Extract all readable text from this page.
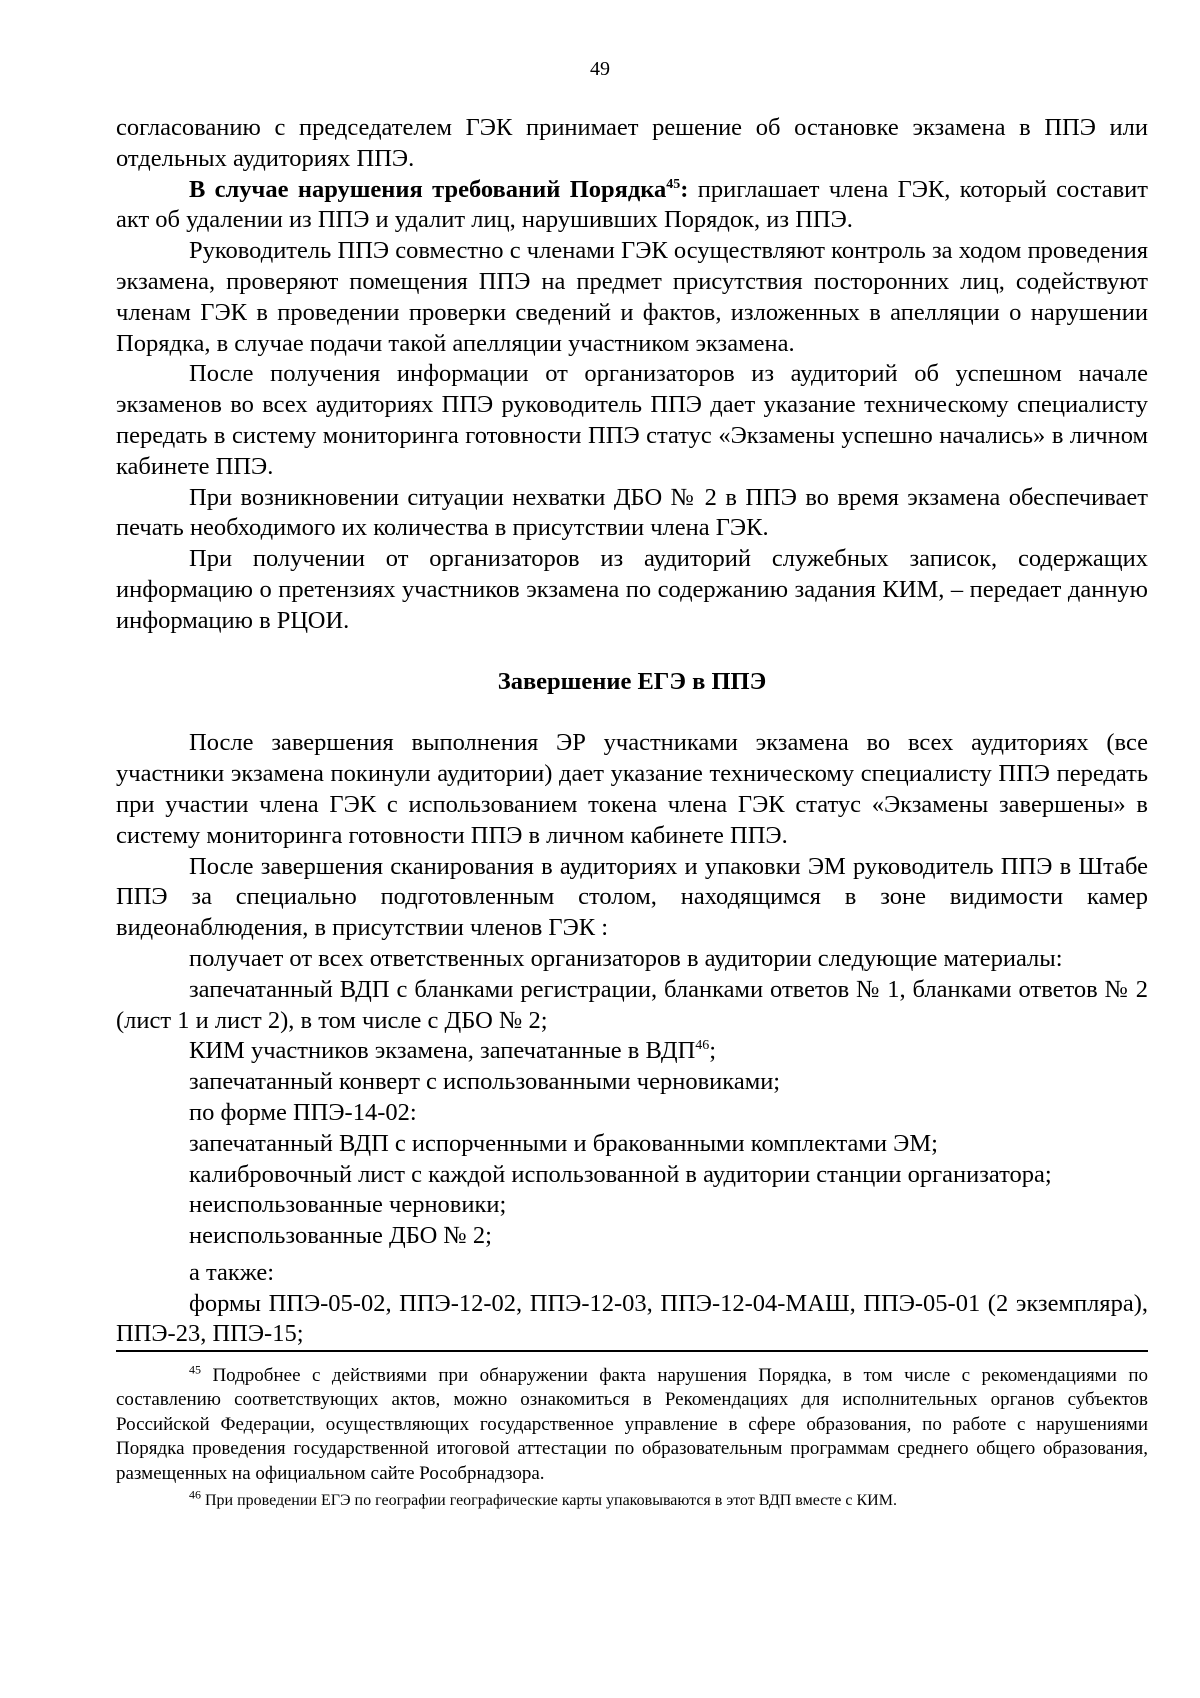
49

согласованию с председателем ГЭК принимает решение об остановке экзамена в ППЭ или отдельных аудиториях ППЭ.

В случае нарушения требований Порядка$^{45}$: приглашает члена ГЭК, который составит акт об удалении из ППЭ и удалит лиц, нарушивших Порядок, из ППЭ.

Руководитель ППЭ совместно с членами ГЭК осуществляют контроль за ходом проведения экзамена, проверяют помещения ППЭ на предмет присутствия посторонних лиц, содействуют членам ГЭК в проведении проверки сведений и фактов, изложенных в апелляции о нарушении Порядка, в случае подачи такой апелляции участником экзамена.

После получения информации от организаторов из аудиторий об успешном начале экзаменов во всех аудиториях ППЭ руководитель ППЭ дает указание техническому специалисту передать в систему мониторинга готовности ППЭ статус «Экзамены успешно начались» в личном кабинете ППЭ.

При возникновении ситуации нехватки ДБО № 2 в ППЭ во время экзамена обеспечивает печать необходимого их количества в присутствии члена ГЭК.

При получении от организаторов из аудиторий служебных записок, содержащих информацию о претензиях участников экзамена по содержанию задания КИМ, – передает данную информацию в РЦОИ.

Завершение ЕГЭ в ППЭ

После завершения выполнения ЭР участниками экзамена во всех аудиториях (все участники экзамена покинули аудитории) дает указание техническому специалисту ППЭ передать при участии члена ГЭК с использованием токена члена ГЭК статус «Экзамены завершены» в систему мониторинга готовности ППЭ в личном кабинете ППЭ.

После завершения сканирования в аудиториях и упаковки ЭМ руководитель ППЭ в Штабе ППЭ за специально подготовленным столом, находящимся в зоне видимости камер видеонаблюдения, в присутствии членов ГЭК :

получает от всех ответственных организаторов в аудитории следующие материалы:

запечатанный ВДП с бланками регистрации, бланками ответов № 1, бланками ответов № 2 (лист 1 и лист 2), в том числе с ДБО № 2;

КИМ участников экзамена, запечатанные в ВДП$^{46}$;

запечатанный конверт с использованными черновиками;

по форме ППЭ-14-02:

запечатанный ВДП с испорченными и бракованными комплектами ЭМ;

калибровочный лист с каждой использованной в аудитории станции организатора;

неиспользованные черновики;

неиспользованные ДБО № 2;

а также:

формы ППЭ-05-02, ППЭ-12-02, ППЭ-12-03, ППЭ-12-04-МАШ, ППЭ-05-01 (2 экземпляра), ППЭ-23, ППЭ-15;

$^{45}$ Подробнее с действиями при обнаружении факта нарушения Порядка, в том числе с рекомендациями по составлению соответствующих актов, можно ознакомиться в Рекомендациях для исполнительных органов субъектов Российской Федерации, осуществляющих государственное управление в сфере образования, по работе с нарушениями Порядка проведения государственной итоговой аттестации по образовательным программам среднего общего образования, размещенных на официальном сайте Рособрнадзора.

$^{46}$ При проведении ЕГЭ по географии географические карты упаковываются в этот ВДП вместе с КИМ.
